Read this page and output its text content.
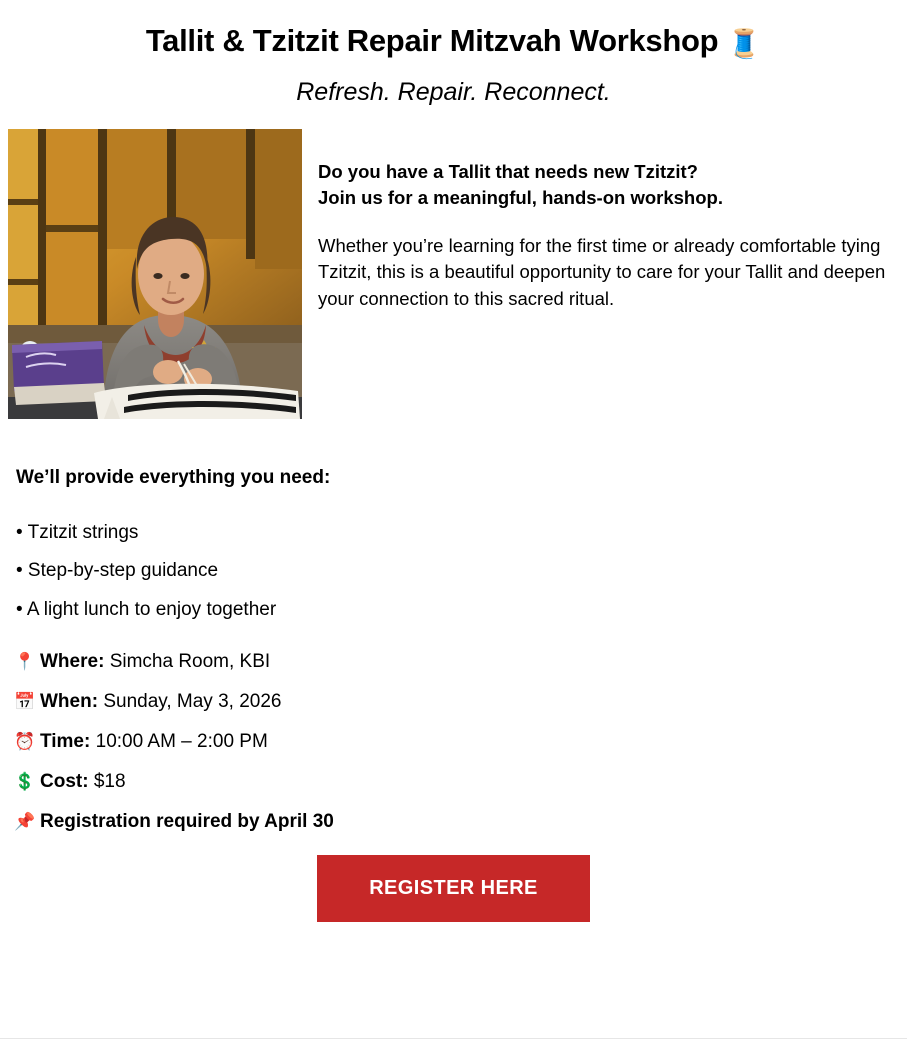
Tallit & Tzitzit Repair Mitzvah Workshop 🧵
Refresh. Repair. Reconnect.

Do you have a Tallit that needs new Tzitzit?
Join us for a meaningful, hands-on workshop.

Whether you’re learning for the first time or already comfortable tying Tzitzit, this is a beautiful opportunity to care for your Tallit and deepen your connection to this sacred ritual.

We’ll provide everything you need:
• Tzitzit strings
• Step-by-step guidance
• A light lunch to enjoy together
📍 Where: Simcha Room, KBI
📅 When: Sunday, May 3, 2026
⏰ Time: 10:00 AM – 2:00 PM
💲 Cost: $18
📌 Registration required by April 30
REGISTER HERE
